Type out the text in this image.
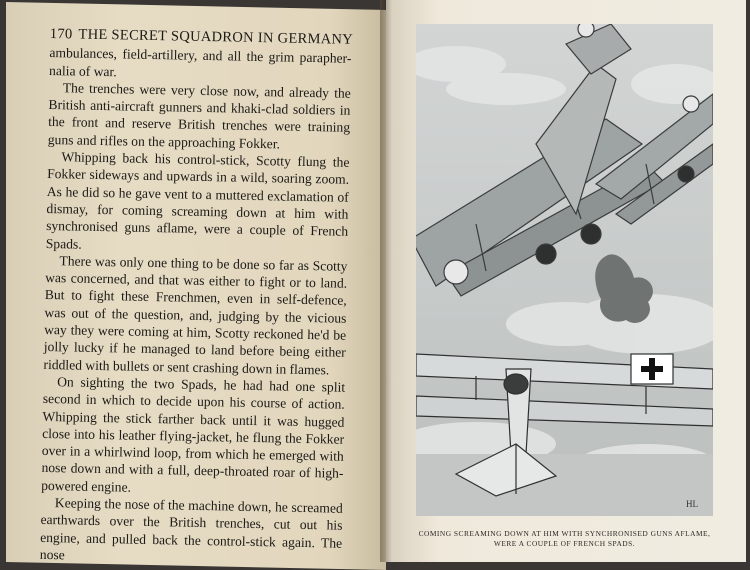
170 THE SECRET SQUADRON IN GERMANY

ambulances, field-artillery, and all the grim parapher-nalia of war.

The trenches were very close now, and already the British anti-aircraft gunners and khaki-clad soldiers in the front and reserve British trenches were training guns and rifles on the approaching Fokker.

Whipping back his control-stick, Scotty flung the Fokker sideways and upwards in a wild, soaring zoom. As he did so he gave vent to a muttered exclamation of dismay, for coming screaming down at him with synchronised guns aflame, were a couple of French Spads.

There was only one thing to be done so far as Scotty was concerned, and that was either to fight or to land. But to fight these Frenchmen, even in self-defence, was out of the question, and, judging by the vicious way they were coming at him, Scotty reckoned he'd be jolly lucky if he managed to land before being either riddled with bullets or sent crashing down in flames.

On sighting the two Spads, he had had one split second in which to decide upon his course of action. Whipping the stick farther back until it was hugged close into his leather flying-jacket, he flung the Fokker over in a whirlwind loop, from which he emerged with nose down and with a full, deep-throated roar of high-powered engine.

Keeping the nose of the machine down, he screamed earthwards over the British trenches, cut out his engine, and pulled back the control-stick again. The nose

HL
COMING SCREAMING DOWN AT HIM WITH SYNCHRONISED GUNS AFLAME,
WERE A COUPLE OF FRENCH SPADS.
